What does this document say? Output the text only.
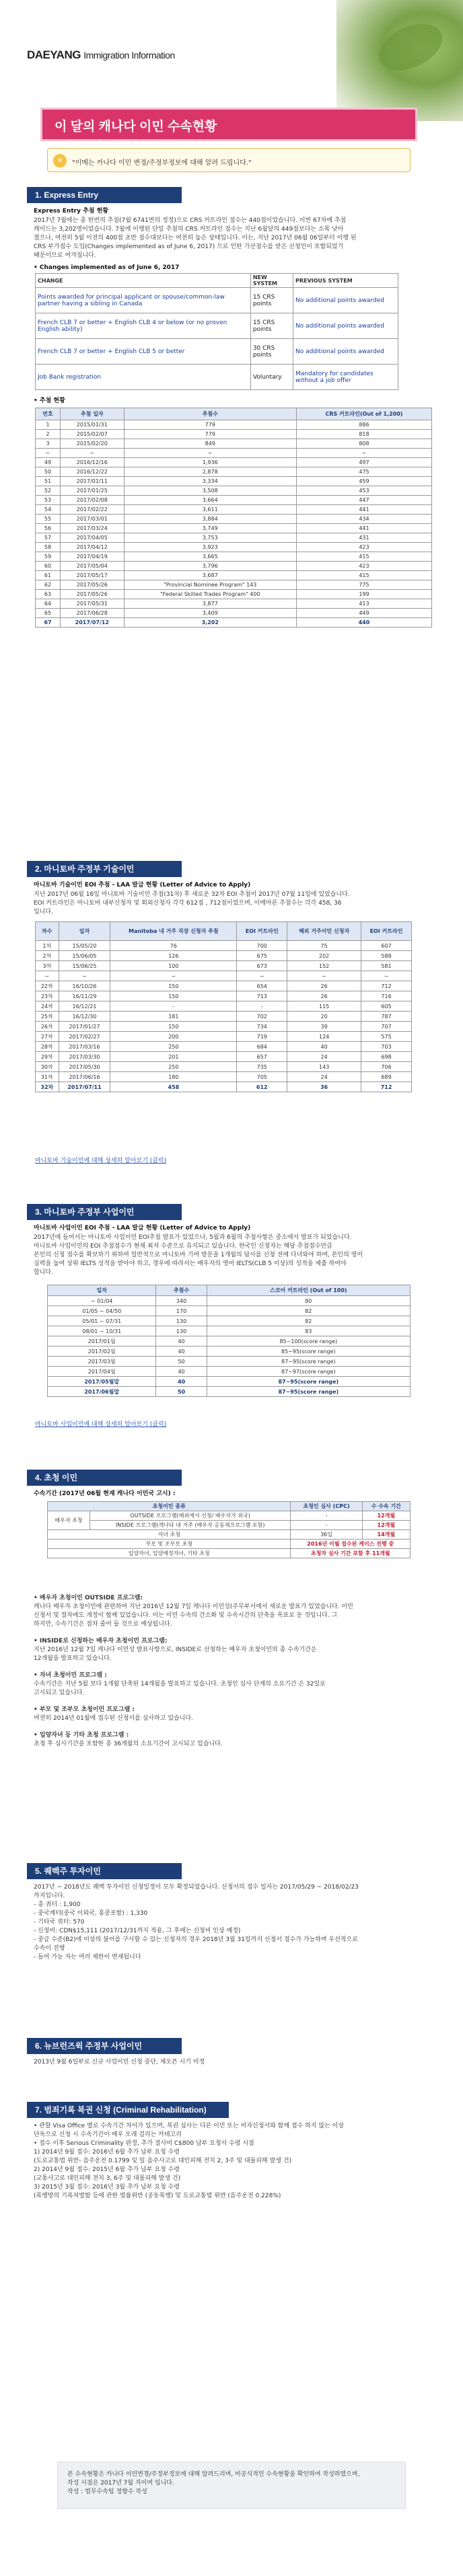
DAEYANG Immigration Information
이 달의 캐나다 이민 수속현황
☀	"이메는 카나다 이민 변경/주정부정보에 대해 알려 드립니다."
1. Express Entry
Express Entry 추첨 현황
2017년 7월에는 총 한번의 추첨(7월 6741번의 정정)으로 CRS 커트라인 점수는 440점이었습니다. 이번 67차에 추첨
캐이드는 3,202명이었습니다. 7월에 이행된 단일 추첨의 CRS 커트라인 점수는 지난 6월달의 449점보다는 소폭 낮아
졌으나, 여전히 5월 이전의 400점 초반 점수대보다는 여전히 높은 상태입니다. 이는, 지난 2017년 06월 06일부터 이행 된
CRS 부가점수 도입(Changes implemented as of June 6, 2017) 으로 인한 가산점수를 받은 신청인이 포함되었기
때문이므로 여겨집니다.
• Changes implemented as of June 6, 2017
CHANGE	NEW SYSTEM	PREVIOUS SYSTEM
Points awarded for principal applicant or spouse/common-law partner having a sibling in Canada	15 CRS points	No additional points awarded
French CLB 7 or better + English CLB 4 or below (or no proven English ability)	15 CRS points	No additional points awarded
French CLB 7 or better + English CLB 5 or better	30 CRS points	No additional points awarded
Job Bank registration	Voluntary	Mandatory for candidates without a job offer
• 추첨 현황
번호	추첨 일자	추첨수	CRS 커트라인(Out of 1,200)
1	2015/01/31	779	886
2	2015/02/07	779	818
3	2015/02/20	849	808
~	~	~	~
49	2016/12/16	1,936	497
50	2016/12/22	2,878	475
51	2017/01/11	3,334	459
52	2017/01/25	3,508	453
53	2017/02/08	3,664	447
54	2017/02/22	3,611	441
55	2017/03/01	3,884	434
56	2017/03/24	3,749	441
57	2017/04/05	3,753	431
58	2017/04/12	3,923	423
59	2017/04/19	3,665	415
60	2017/05/04	3,796	423
61	2017/05/17	3,687	415
62	2017/05/26	"Provincial Nominee Program" 143	775
63	2017/05/26	"Federal Skilled Trades Program" 400	199
64	2017/05/31	3,877	413
65	2017/06/28	3,409	449
67	2017/07/12	3,202	440
2. 마니토바 주정부 기술이민
마니토바 기술이민 EOI 추첨 - LAA 발급 현황 (Letter of Advice to Apply)
지난 2017년 06월 16일 마니토바 기술이민 추첨(31차) 후 새로운 32차 EOI 추첨이 2017년 07월 11일에 있었습니다.
EOI 커트라인은 마니토바 내부신청자 및 회외신청자 각각 612점 , 712점이었으며, 이메마른 추첨수는 각각 458, 36
입니다.
차수	일자	Manitoba 내 거주 직장 신청자 추첨	EOI 커트라인	해외 거주이민 신청자	EOI 커트라인
1차	15/05/20	76	700	75	607
2차	15/06/05	126	675	202	588
3차	15/06/25	100	673	152	581
~	~	~	~	~	~
22차	16/10/26	150	654	26	712
23차	16/11/29	150	713	26	716
24차	16/12/21	-	-	115	605
25차	16/12/30	181	702	20	787
26차	2017/01/27	150	734	39	707
27차	2017/02/27	200	719	124	575
28차	2017/03/16	250	684	40	703
29차	2017/03/30	201	657	24	698
30차	2017/05/30	250	735	143	706
31차	2017/06/16	180	705	24	689
32차	2017/07/11	458	612	36	712
마니토바 기술이민에 대해 상세히 알아보기 (클릭)
3. 마니토바 주정부 사업이민
마니토바 사업이민 EOI 추첨 - LAA 발급 현황 (Letter of Advice to Apply)
2017년에 들어서는 마니토바 사업이민 EOI추첨 발표가 있었으나, 5월과 6월의 추첨사항은 중소에서 발표가 되었습니다.
마니토바 사업이민의 EOI 추첨점수가 현재 최저 수준으로 유지되고 있습니다. 한국인 신청자는 해당 추첨점수만큼
본인의 신청 점수를 확보하기 위하여 일반적으로 마니토바 기여 방문을 1개월의 답사를 신청 전에 다녀와야 하며, 본인의 영어
실력을 높여 상위 IELTS 성적을 받아야 하고, 경우에 따라서는 배우자의 영어 IELTS(CLB 5 이상)의 성적을 제출 하여야
합니다.
일자	추첨수	스코어 커트라인 (Out of 100)
~ 01/04	340	80
01/05 ~ 04/50	170	82
05/01 ~ 07/31	130	82
08/01 ~ 10/31	130	83
2017/01월	40	85~100(score range)
2017/02월	40	85~95(score range)
2017/03월	50	87~95(score range)
2017/04월	40	87~97(score range)
2017/05월말	40	87~95(score range)
2017/06월말	50	87~95(score range)
마니토바 사업이민에 대해 상세히 알아보기 (클릭)
4. 초청 이민
수속기간 (2017년 06월 현재 캐나다 이민국 고시) :
초청이민 종류		초청인 심사 (CPC)	수 수속 기간
배우자 초청	OUTSIDE 프로그램(해외에서 신청/ 배우자가 외국)	-	12개월
	INSIDE 프로그램(캐나다 내 거주 (배우자 공동체프로그램 포함)	-	12개월
자녀 초청		36일	14개월
부모 및 조부모 초청		2016년 이월 접수된 케이스 진행 중	
입양자녀, 입양예정자녀, 기타 초청		초청자 심사 기간 포함 후 11개월	
• 배우자 초청이민 OUTSIDE 프로그램:
캐나다 배우자 초청이민에 관련하여 지난 2016년 12월 7일 캐나다 이민성(주무부서에서 새로운 발표가 있었습니다. 이민
신청서 및 절차에도 개정이 함께 있었습니다. 이는 이민 수속의 간소화 및 수속시간의 단축을 목표로 둔 것입니다. 그
하지만, 수속기간은 점차 줄어 들 것으로 예상됩니다.
• INSIDE로 신청하는 배우자 초청이민 프로그램:
지난 2016년 12월 7일 캐나다 이민성 발표사항으로, INSIDE로 신청하는 배우자 초청이민의 총 수속기간은
12개월을 발표하고 있습니다.
• 자녀 초청이민 프로그램 :
수속기간은 지난 5월 보다 1개월 단축된 14개월을 발표하고 있습니다. 초청인 심사 단계의 소요기간 은 32일로
고시되고 있습니다.
• 부모 및 조부모 초청이민 프로그램 :
여전히 2014년 01월에 접수된 신청서를 심사하고 있습니다.
• 입양자녀 등 기타 초청 프로그램 :
초청 후 심사기간을 포함한 총 36개월의 소요기간이 고시되고 있습니다.
5. 퀘벡주 투자이민
2017년 ~ 2018년도 퀘벡 투자이민 신청일정이 모두 확정되었습니다. 신청서의 접수 일자는 2017/05/29 ~ 2018/02/23
까지입니다.
- 총 쿼터 : 1,900
- 중국계터(중국 이외국, 홍콩포함) : 1,330
- 기타국 쿼터: 570
- 신청비: CDN$15,111 (2017/12/31까지 적용, 그 후에는 신청비 인상 예정)
- 중급 수준(B2)에 이상의 불어를 구사할 수 있는 신청자의 경우 2018년 3월 31일까지 신청서 접수가 가능하며 우선적으로
수속이 진행
- 들어 가능 자는 여러 제한이 면제됩니다
6. 뉴브런즈윅 주정부 사업이민
2013년 9월 6일부로 신규 사업이민 신청 중단, 재오픈 시기 미정
7. 범죄기록 복권 신청 (Criminal Rehabilitation)
• 관할 Visa Office 별로 수속기간 차이가 있으며, 복권 심사는 다른 이민 또는 비자신청서와 함께 접수 하지 않는 이상
단독으로 신청 시 수속기간이 매우 오래 걸리는 카테고리
• 접수 이후 Serious Criminality 판정, 추가 절사비 C$800 납부 요청서 수령 시점
1) 2014년 9월 접수: 2016년 6월 추가 납부 요청 수령
(도로교통법 위반- 음주운전 0.1799 및 일 음주사고로 대인피해 전치 2, 3주 및 대물피해 발생 건)
2) 2014년 9월 접수: 2015년 6월 추가 납부 요청 수령
(교통사고로 대인피해 전치 3, 6주 및 대물피해 발생 건)
3) 2015년 3월 접수: 2016년 3월 추가 납부 요청 수령
(폭행방의 기록처벌함 등에 관한 법률위반 (공동폭행) 및 도로교통법 위반 (음주운전 0.228%)
본 수속현황은 카나다 이민변경/주정부정보에 대해 알려드리며, 비공식적인 수속현황을 확인하여 작성하였으며,
작성 시점은 2017년 7월 지이며 입니다.
작성 : 법무수속팀 정향수 작성
